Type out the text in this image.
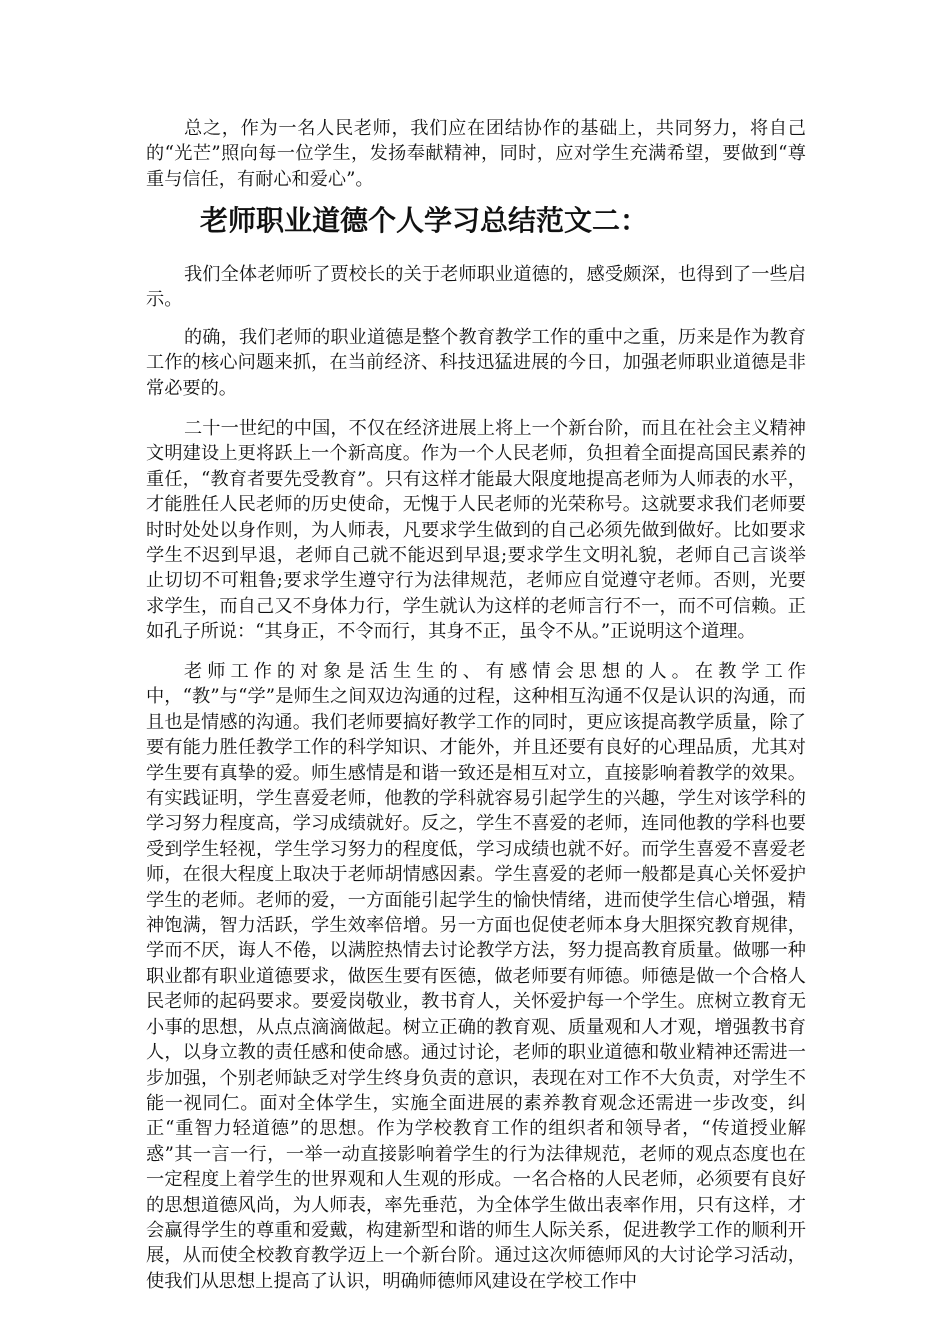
总之，作为一名人民老师，我们应在团结协作的基础上，共同努力，将自己的“光芒”照向每一位学生，发扬奉献精神，同时，应对学生充满希望，要做到“尊重与信任，有耐心和爱心”。

老师职业道德个人学习总结范文二：

我们全体老师听了贾校长的关于老师职业道德的，感受颇深，也得到了一些启示。

的确，我们老师的职业道德是整个教育教学工作的重中之重，历来是作为教育工作的核心问题来抓，在当前经济、科技迅猛进展的今日，加强老师职业道德是非常必要的。

二十一世纪的中国，不仅在经济进展上将上一个新台阶，而且在社会主义精神文明建设上更将跃上一个新高度。作为一个人民老师，负担着全面提高国民素养的重任，“教育者要先受教育”。只有这样才能最大限度地提高老师为人师表的水平，才能胜任人民老师的历史使命，无愧于人民老师的光荣称号。这就要求我们老师要时时处处以身作则，为人师表，凡要求学生做到的自己必须先做到做好。比如要求学生不迟到早退，老师自己就不能迟到早退;要求学生文明礼貌，老师自己言谈举止切切不可粗鲁;要求学生遵守行为法律规范，老师应自觉遵守老师。否则，光要求学生，而自己又不身体力行，学生就认为这样的老师言行不一，而不可信赖。正如孔子所说：“其身正，不令而行，其身不正，虽令不从。”正说明这个道理。

老师工作的对象是活生生的、有感情会思想的人。在教学工作中，“教”与“学”是师生之间双边沟通的过程，这种相互沟通不仅是认识的沟通，而且也是情感的沟通。我们老师要搞好教学工作的同时，更应该提高教学质量，除了要有能力胜任教学工作的科学知识、才能外，并且还要有良好的心理品质，尤其对学生要有真挚的爱。师生感情是和谐一致还是相互对立，直接影响着教学的效果。有实践证明，学生喜爱老师，他教的学科就容易引起学生的兴趣，学生对该学科的学习努力程度高，学习成绩就好。反之，学生不喜爱的老师，连同他教的学科也要受到学生轻视，学生学习努力的程度低，学习成绩也就不好。而学生喜爱不喜爱老师，在很大程度上取决于老师胡情感因素。学生喜爱的老师一般都是真心关怀爱护学生的老师。老师的爱，一方面能引起学生的愉快情绪，进而使学生信心增强，精神饱满，智力活跃，学生效率倍增。另一方面也促使老师本身大胆探究教育规律，学而不厌，诲人不倦，以满腔热情去讨论教学方法，努力提高教育质量。做哪一种职业都有职业道德要求，做医生要有医德，做老师要有师德。师德是做一个合格人民老师的起码要求。要爱岗敬业，教书育人，关怀爱护每一个学生。庶树立教育无小事的思想，从点点滴滴做起。树立正确的教育观、质量观和人才观，增强教书育人，以身立教的责任感和使命感。通过讨论，老师的职业道德和敬业精神还需进一步加强，个别老师缺乏对学生终身负责的意识，表现在对工作不大负责，对学生不能一视同仁。面对全体学生，实施全面进展的素养教育观念还需进一步改变，纠正“重智力轻道德”的思想。作为学校教育工作的组织者和领导者，“传道授业解惑”其一言一行，一举一动直接影响着学生的行为法律规范，老师的观点态度也在一定程度上着学生的世界观和人生观的形成。一名合格的人民老师，必须要有良好的思想道德风尚，为人师表，率先垂范，为全体学生做出表率作用，只有这样，才会赢得学生的尊重和爱戴，构建新型和谐的师生人际关系，促进教学工作的顺利开展，从而使全校教育教学迈上一个新台阶。通过这次师德师风的大讨论学习活动，使我们从思想上提高了认识，明确师德师风建设在学校工作中
